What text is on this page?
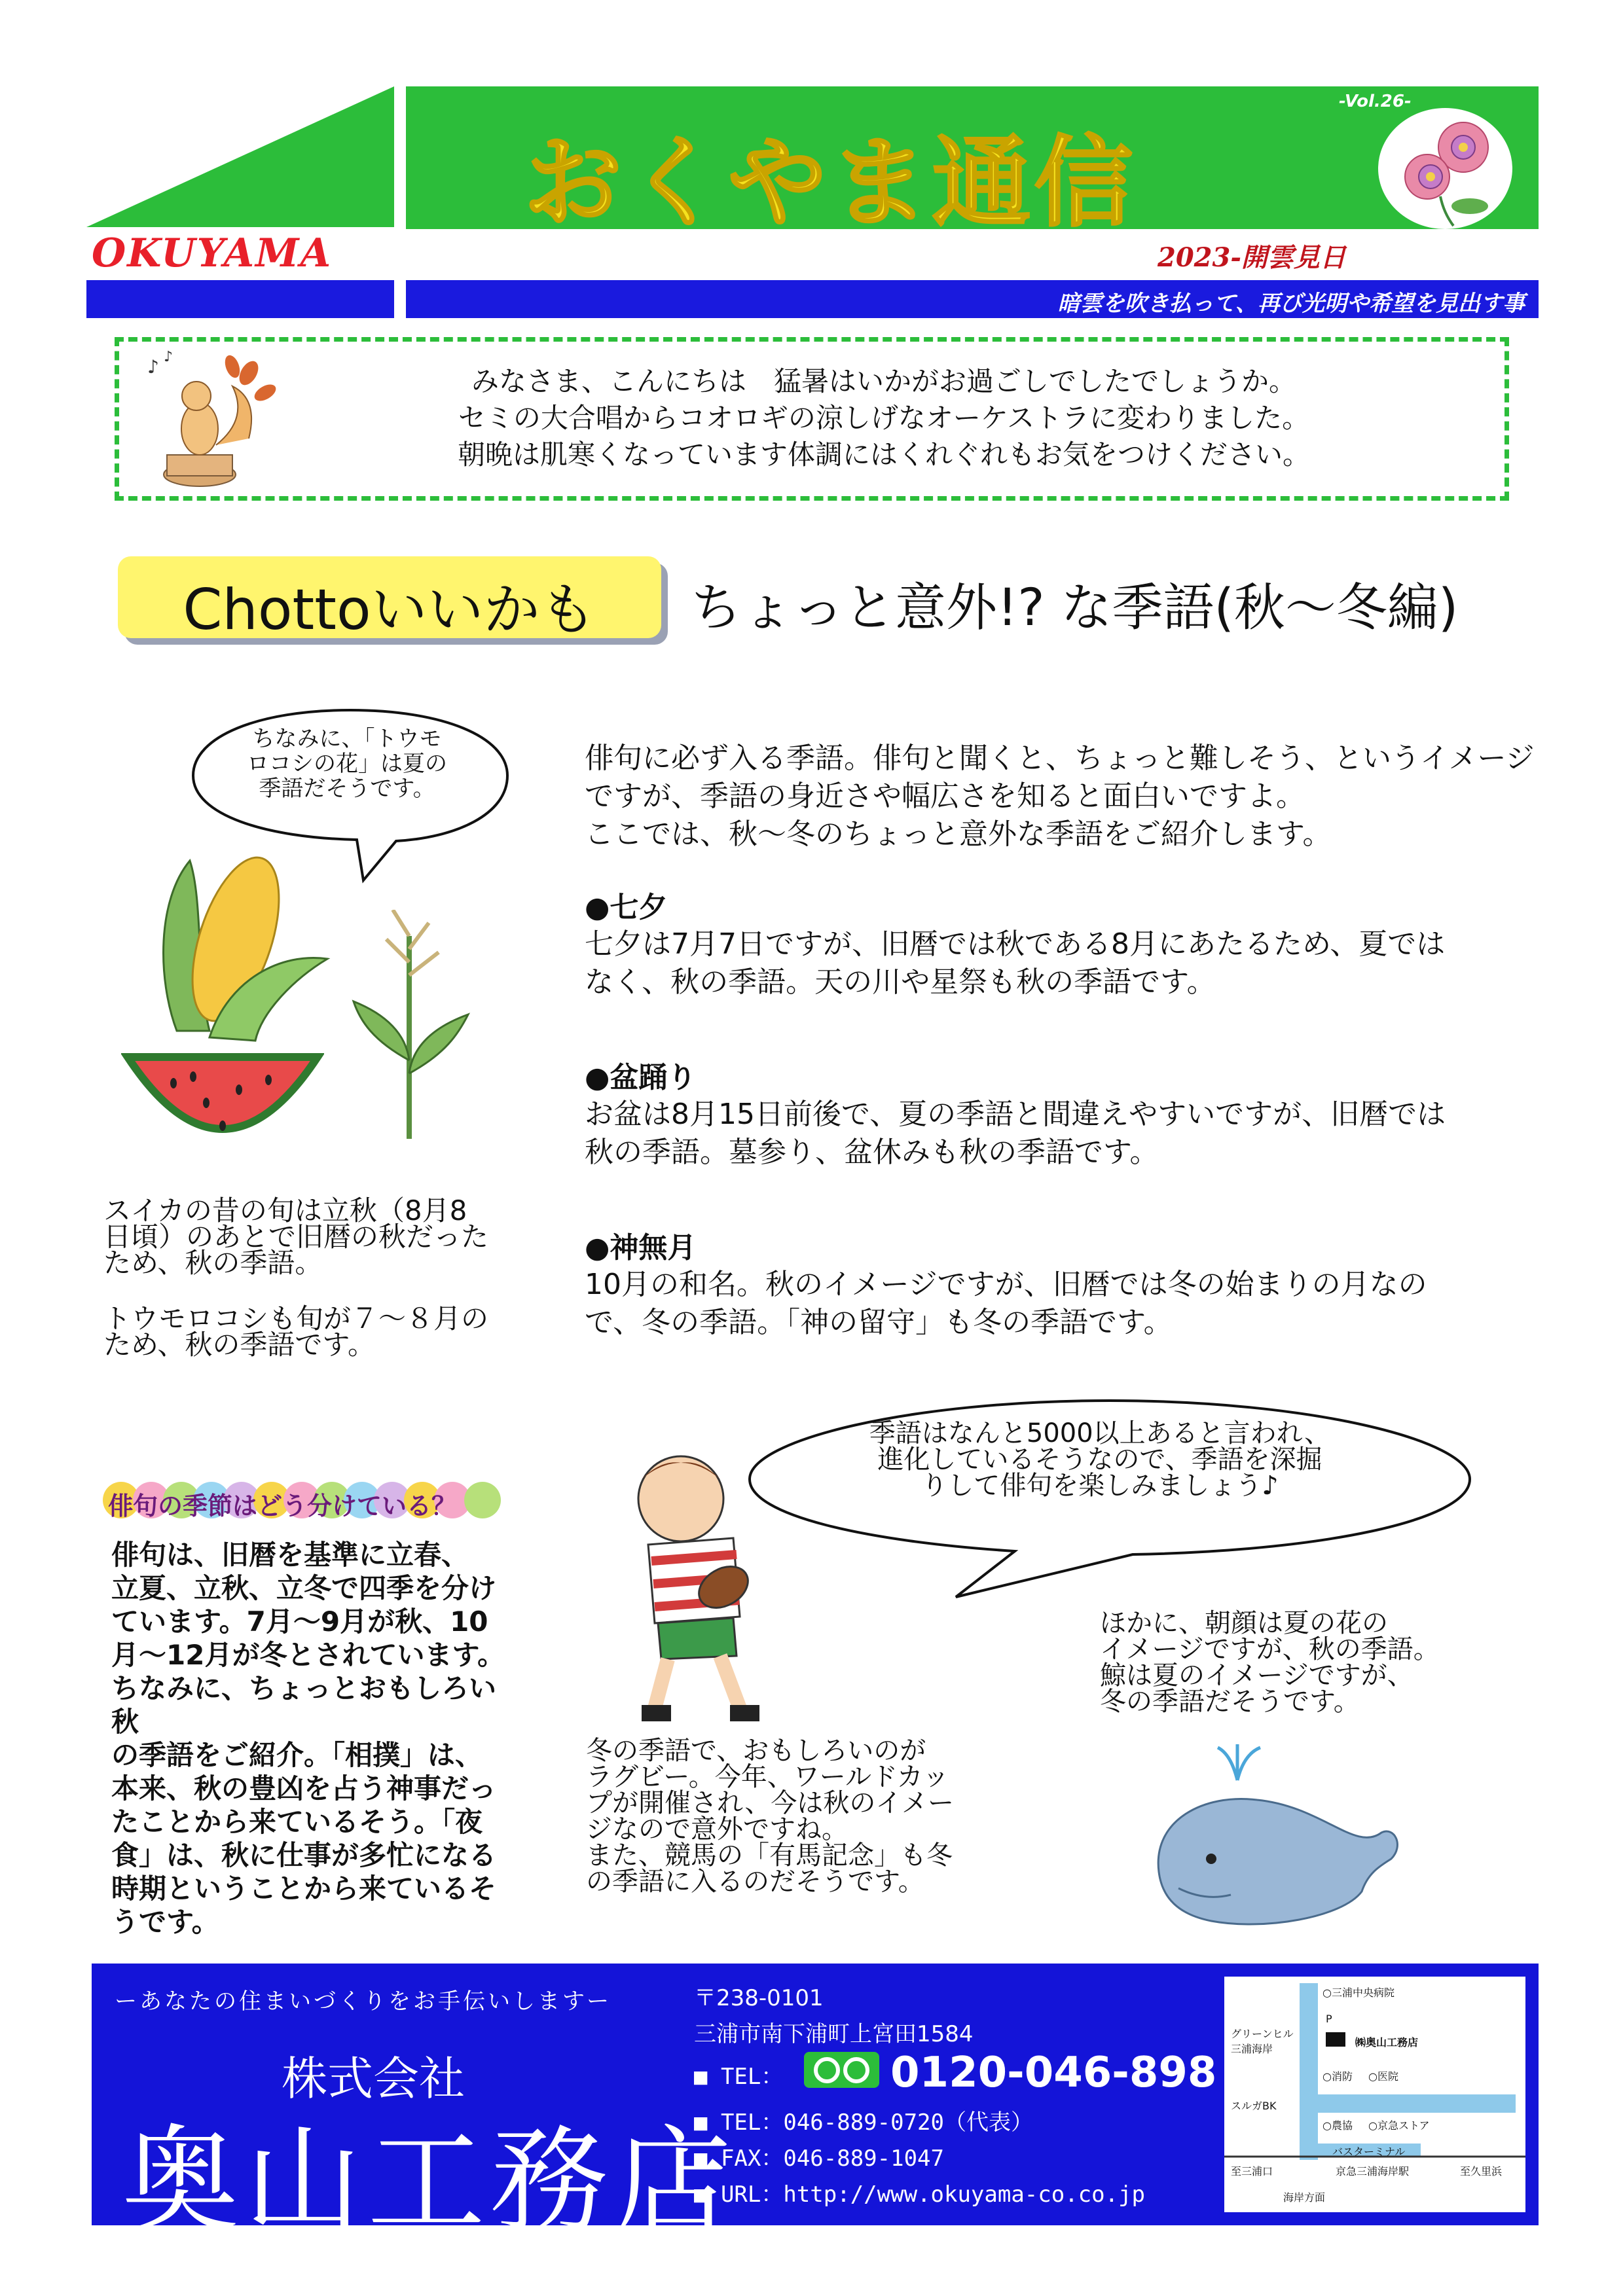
OKUYAMA
おくやま通信
-Vol.26-
2023-開雲見日
暗雲を吹き払って、再び光明や希望を見出す事
♪ ♪
みなさま、こんにちは　猛暑はいかがお過ごしでしたでしょうか。
セミの大合唱からコオロギの涼しげなオーケストラに変わりました。
朝晩は肌寒くなっています体調にはくれぐれもお気をつけください。
Chottoいいかも	ちょっと意外!? な季語(秋〜冬編)
ちなみに、「トウモ
ロコシの花」は夏の
季語だそうです。
スイカの昔の旬は立秋（8月8
日頃）のあとで旧暦の秋だった
ため、秋の季語。
トウモロコシも旬が７～８月の
ため、秋の季語です。
俳句に必ず入る季語。俳句と聞くと、ちょっと難しそう、というイメージ
ですが、季語の身近さや幅広さを知ると面白いですよ。
ここでは、秋～冬のちょっと意外な季語をご紹介します。
●七夕
七夕は7月7日ですが、旧暦では秋である8月にあたるため、夏では
なく、秋の季語。天の川や星祭も秋の季語です。
●盆踊り
お盆は8月15日前後で、夏の季語と間違えやすいですが、旧暦では
秋の季語。墓参り、盆休みも秋の季語です。
●神無月
10月の和名。秋のイメージですが、旧暦では冬の始まりの月なの
で、冬の季語。「神の留守」も冬の季語です。
俳句の季節はどう分けている？
俳句は、旧暦を基準に立春、
立夏、立秋、立冬で四季を分け
ています。7月～9月が秋、10
月～12月が冬とされています。
ちなみに、ちょっとおもしろい秋
の季語をご紹介。「相撲」は、
本来、秋の豊凶を占う神事だっ
たことから来ているそう。「夜
食」は、秋に仕事が多忙になる
時期ということから来ているそ
うです。
季語はなんと5000以上あると言われ、
進化しているそうなので、季語を深掘
りして俳句を楽しみましょう♪
冬の季語で、おもしろいのが
ラグビー。今年、ワールドカッ
プが開催され、今は秋のイメー
ジなので意外ですね。
また、競馬の「有馬記念」も冬
の季語に入るのだそうです。
ほかに、朝顔は夏の花の
イメージですが、秋の季語。
鯨は夏のイメージですが、
冬の季語だそうです。
ーあなたの住まいづくりをお手伝いしますー
株式会社
奥山工務店
〒238-0101
三浦市南下浦町上宮田1584
■ TEL：	0120-046-898
■ TEL：046-889-0720（代表）
■ FAX：046-889-1047
■ URL：http://www.okuyama-co.co.jp
○三浦中央病院
P
グリーンヒル三浦海岸
㈱奥山工務店
○消防 ○医院
スルガBK
○農協 ○京急ストア
バスターミナル
至三浦口	京急三浦海岸駅	至久里浜
海岸方面
